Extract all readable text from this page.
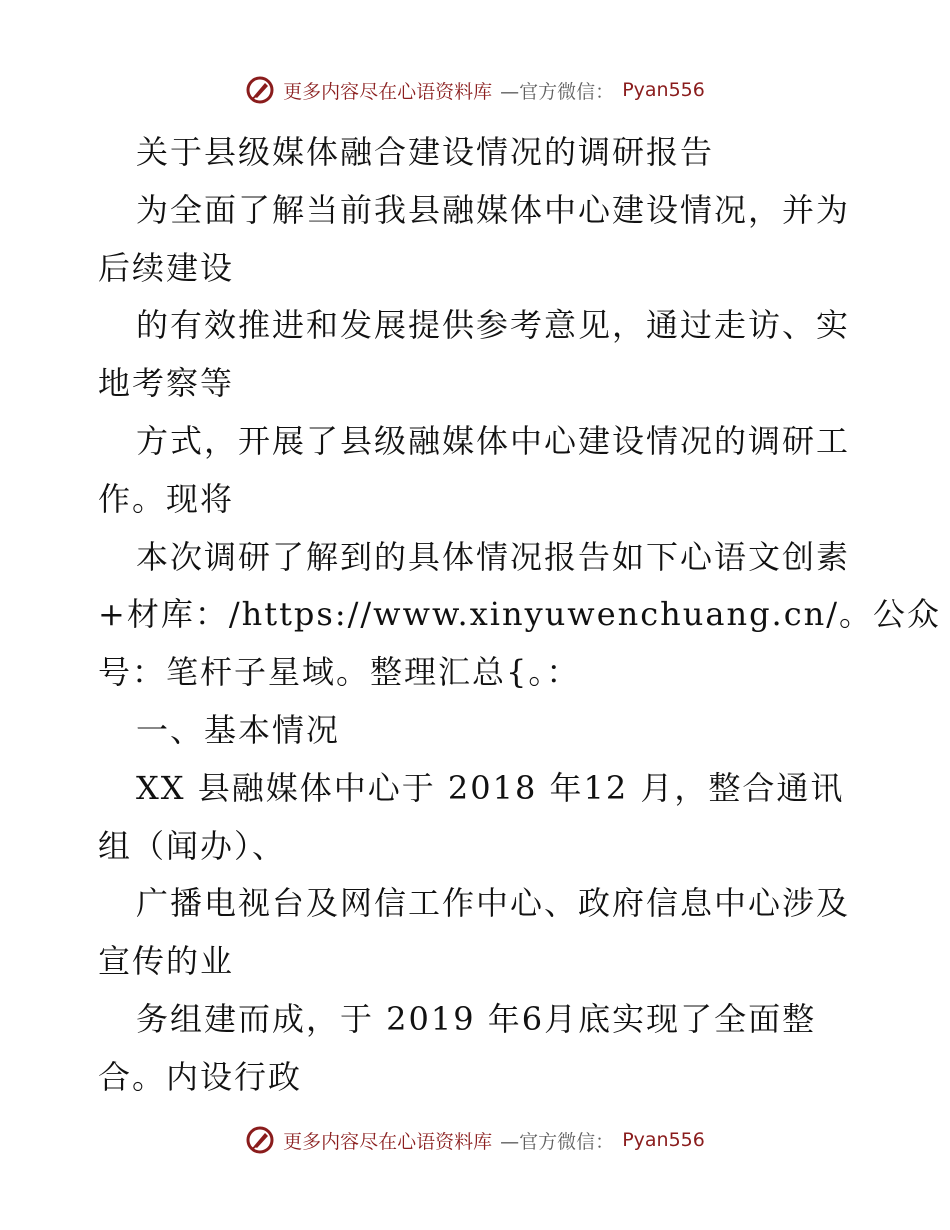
更多内容尽在心语资料库 —官方微信： Pyan556

关于县级媒体融合建设情况的调研报告

为全面了解当前我县融媒体中心建设情况，并为

后续建设

的有效推进和发展提供参考意见，通过走访、实

地考察等

方式，开展了县级融媒体中心建设情况的调研工

作。现将

本次调研了解到的具体情况报告如下心语文创素

+材库：/https://www.xinyuwenchuang.cn/。公众

号：笔杆子星域。整理汇总{。：

一、基本情况

XX 县融媒体中心于 2018 年12 月，整合通讯

组（闻办）、

广播电视台及网信工作中心、政府信息中心涉及

宣传的业

务组建而成，于 2019 年6月底实现了全面整

合。内设行政

更多内容尽在心语资料库 —官方微信： Pyan556
